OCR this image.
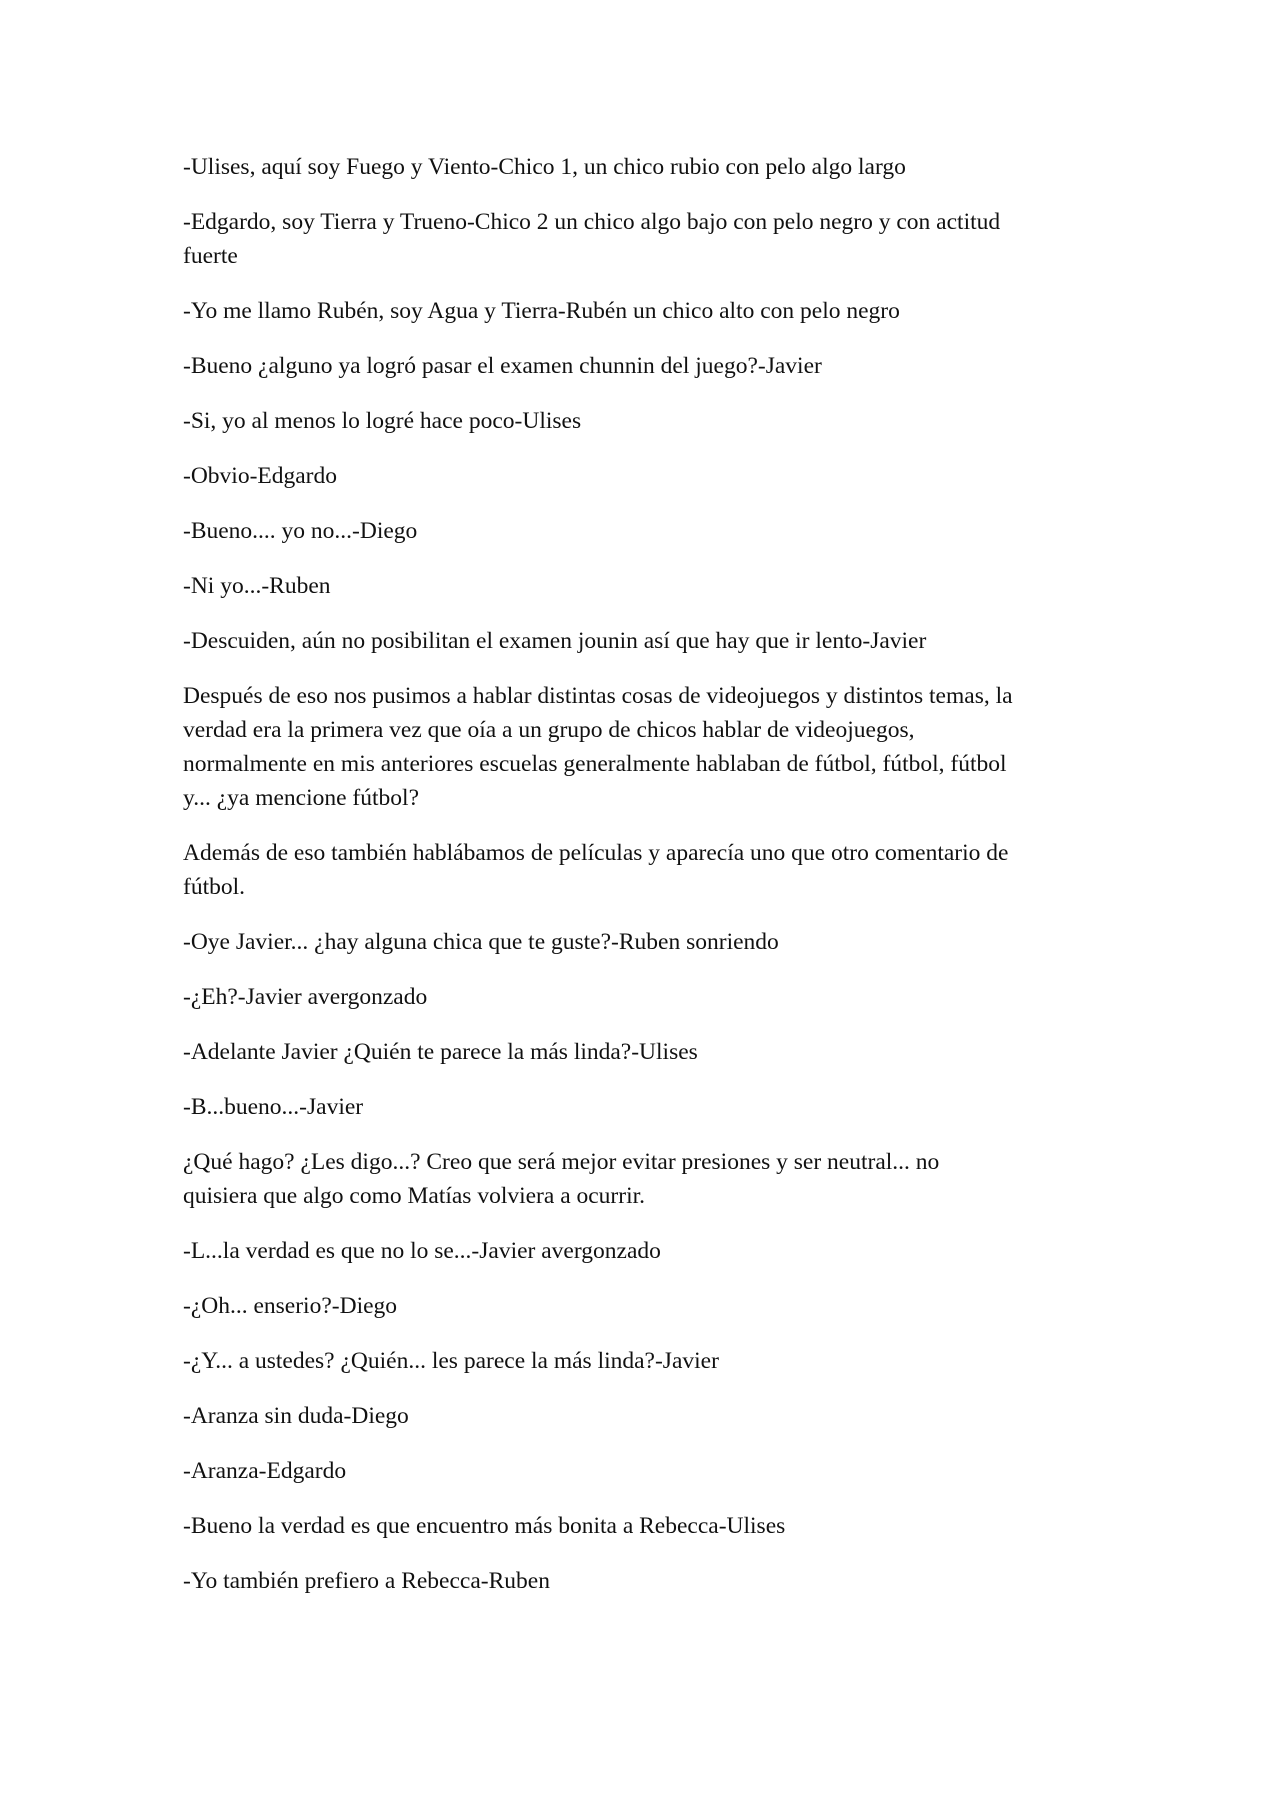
-Ulises, aquí soy Fuego y Viento-Chico 1, un chico rubio con pelo algo largo

-Edgardo, soy Tierra y Trueno-Chico 2 un chico algo bajo con pelo negro y con actitud
fuerte

-Yo me llamo Rubén, soy Agua y Tierra-Rubén un chico alto con pelo negro

-Bueno ¿alguno ya logró pasar el examen chunnin del juego?-Javier

-Si, yo al menos lo logré hace poco-Ulises

-Obvio-Edgardo

-Bueno.... yo no...-Diego

-Ni yo...-Ruben

-Descuiden, aún no posibilitan el examen jounin así que hay que ir lento-Javier

Después de eso nos pusimos a hablar distintas cosas de videojuegos y distintos temas, la
verdad era la primera vez que oía a un grupo de chicos hablar de videojuegos,
normalmente en mis anteriores escuelas generalmente hablaban de fútbol, fútbol, fútbol
y... ¿ya mencione fútbol?

Además de eso también hablábamos de películas y aparecía uno que otro comentario de
fútbol.

-Oye Javier... ¿hay alguna chica que te guste?-Ruben sonriendo

-¿Eh?-Javier avergonzado

-Adelante Javier ¿Quién te parece la más linda?-Ulises

-B...bueno...-Javier

¿Qué hago? ¿Les digo...? Creo que será mejor evitar presiones y ser neutral... no
quisiera que algo como Matías volviera a ocurrir.

-L...la verdad es que no lo se...-Javier avergonzado

-¿Oh... enserio?-Diego

-¿Y... a ustedes? ¿Quién... les parece la más linda?-Javier

-Aranza sin duda-Diego

-Aranza-Edgardo

-Bueno la verdad es que encuentro más bonita a Rebecca-Ulises

-Yo también prefiero a Rebecca-Ruben
